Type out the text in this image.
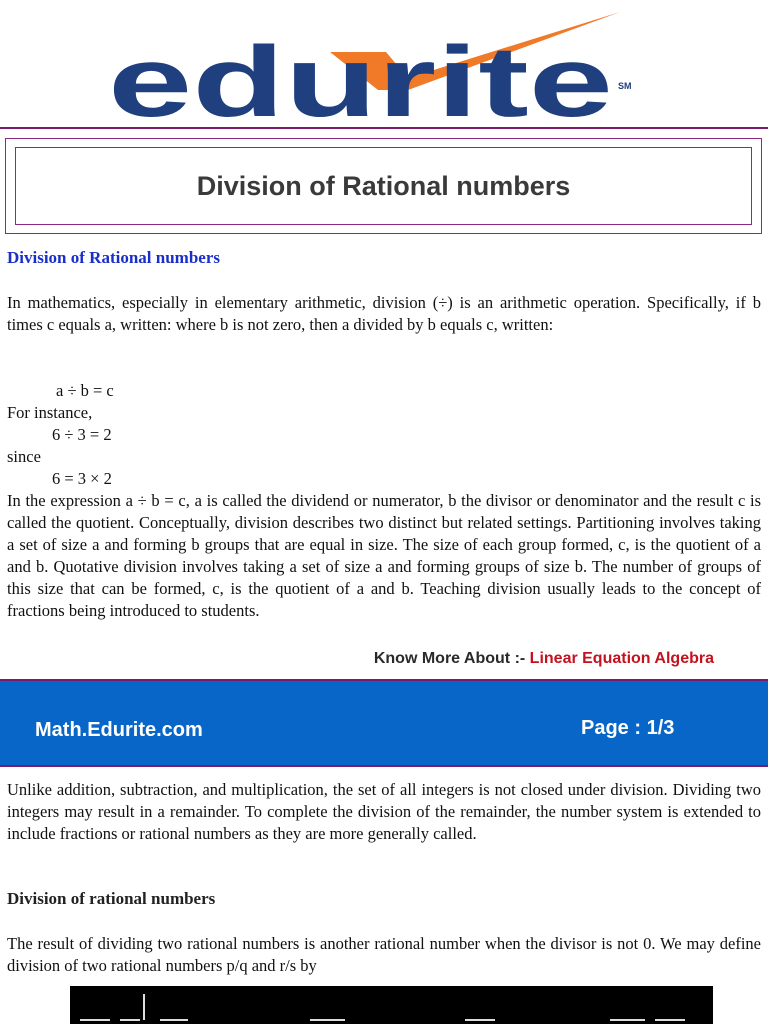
edurite SM
Division of Rational numbers
Division of Rational numbers

In mathematics, especially in elementary arithmetic, division (÷) is an arithmetic operation. Specifically, if b times c equals a, written: where b is not zero, then a divided by b equals c, written:

a ÷ b = c

For instance,

6 ÷ 3 = 2

since

6 = 3 × 2

In the expression a ÷ b = c, a is called the dividend or numerator, b the divisor or denominator and the result c is called the quotient. Conceptually, division describes two distinct but related settings. Partitioning involves taking a set of size a and forming b groups that are equal in size. The size of each group formed, c, is the quotient of a and b. Quotative division involves taking a set of size a and forming groups of size b. The number of groups of this size that can be formed, c, is the quotient of a and b. Teaching division usually leads to the concept of fractions being introduced to students.

Know More About :- Linear Equation Algebra
Math.Edurite.com	Page : 1/3

Unlike addition, subtraction, and multiplication, the set of all integers is not closed under division. Dividing two integers may result in a remainder. To complete the division of the remainder, the number system is extended to include fractions or rational numbers as they are more generally called.

Division of rational numbers

The result of dividing two rational numbers is another rational number when the divisor is not 0. We may define division of two rational numbers p/q and r/s by
